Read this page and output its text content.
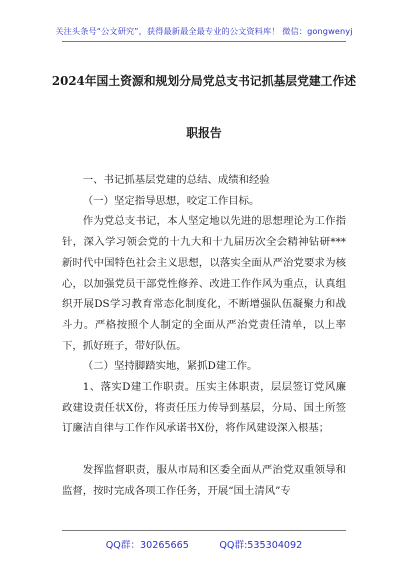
关注头条号“公文研究”，获得最新最全最专业的公文资料库！ 微信：gongwenyj
2024年国土资源和规划分局党总支书记抓基层党建工作述
职报告

一、书记抓基层党建的总结、成绩和经验

（一）坚定指导思想，咬定工作目标。

作为党总支书记，本人坚定地以先进的思想理论为工作指针，深入学习领会党的十九大和十九届历次全会精神钻研***新时代中国特色社会主义思想，以落实全面从严治党要求为核心，以加强党员干部党性修养、改进工作作风为重点，认真组织开展DS学习教育常态化制度化，不断增强队伍凝聚力和战斗力。严格按照个人制定的全面从严治党责任清单，以上率下，抓好班子，带好队伍。

（二）坚持脚踏实地，紧抓D建工作。

1、落实D建工作职责。压实主体职责，层层签订党风廉政建设责任状X份，将责任压力传导到基层，分局、国土所签订廉洁自律与工作作风承诺书X份，将作风建设深入根基；

发挥监督职责，服从市局和区委全面从严治党双重领导和监督，按时完成各项工作任务，开展“国土清风”专

QQ群：30265665	QQ群:535304092
